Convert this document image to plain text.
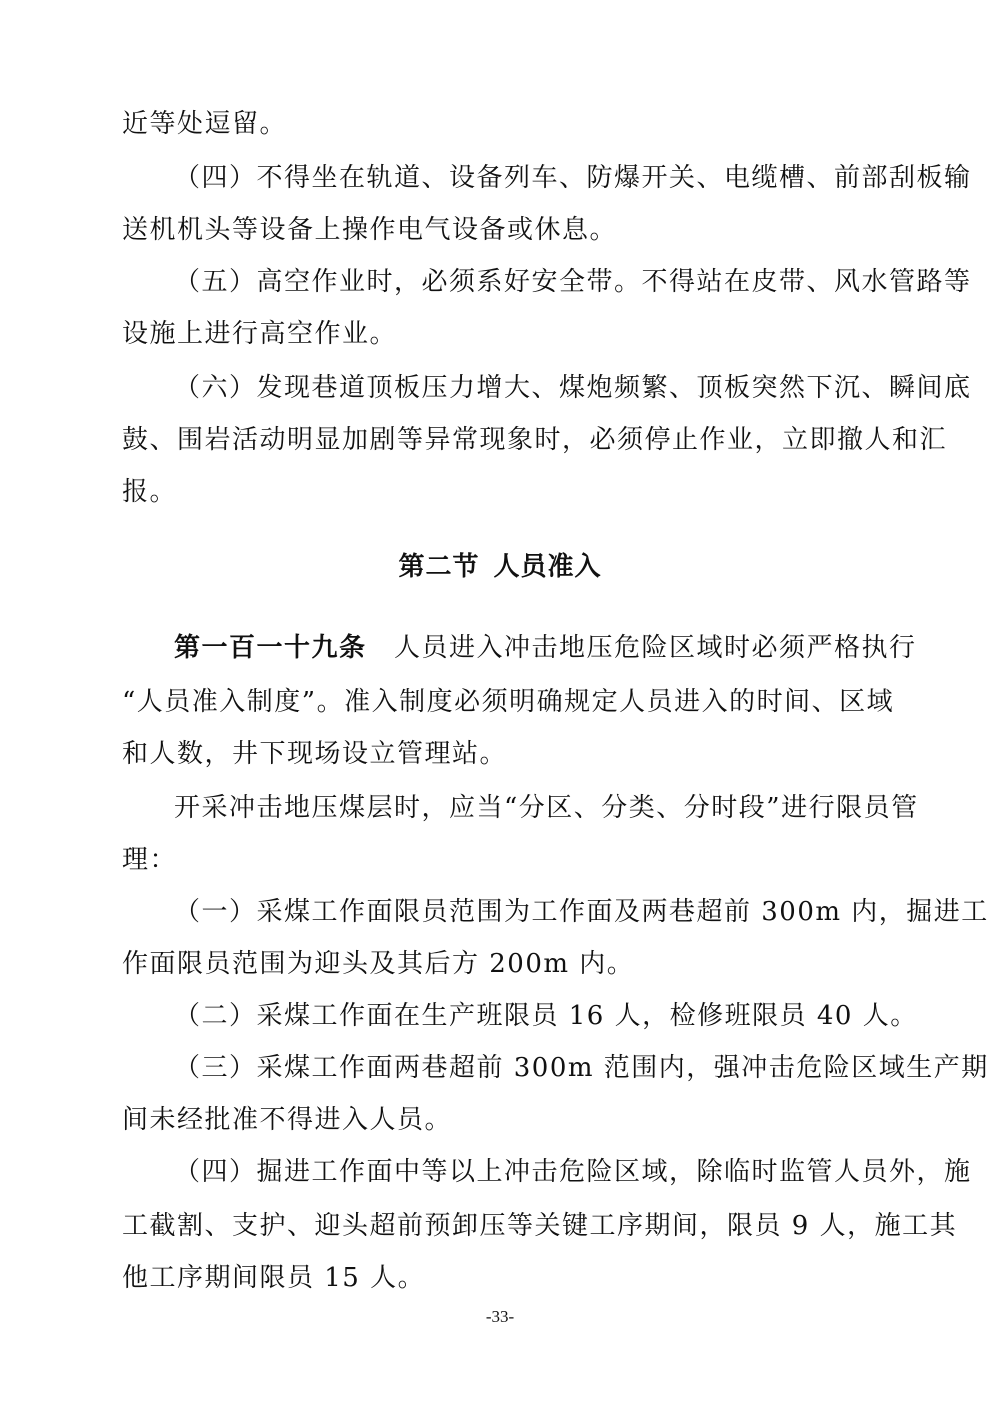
近等处逗留。
（四）不得坐在轨道、设备列车、防爆开关、电缆槽、前部刮板输
送机机头等设备上操作电气设备或休息。
（五）高空作业时，必须系好安全带。不得站在皮带、风水管路等
设施上进行高空作业。
（六）发现巷道顶板压力增大、煤炮频繁、顶板突然下沉、瞬间底
鼓、围岩活动明显加剧等异常现象时，必须停止作业，立即撤人和汇
报。
第二节 人员准入
第一百一十九条  人员进入冲击地压危险区域时必须严格执行
“人员准入制度”。准入制度必须明确规定人员进入的时间、区域
和人数，井下现场设立管理站。
开采冲击地压煤层时，应当“分区、分类、分时段”进行限员管
理：
（一）采煤工作面限员范围为工作面及两巷超前 300m 内，掘进工
作面限员范围为迎头及其后方 200m 内。
（二）采煤工作面在生产班限员 16 人，检修班限员 40 人。
（三）采煤工作面两巷超前 300m 范围内，强冲击危险区域生产期
间未经批准不得进入人员。
（四）掘进工作面中等以上冲击危险区域，除临时监管人员外，施
工截割、支护、迎头超前预卸压等关键工序期间，限员 9 人，施工其
他工序期间限员 15 人。
-33-
